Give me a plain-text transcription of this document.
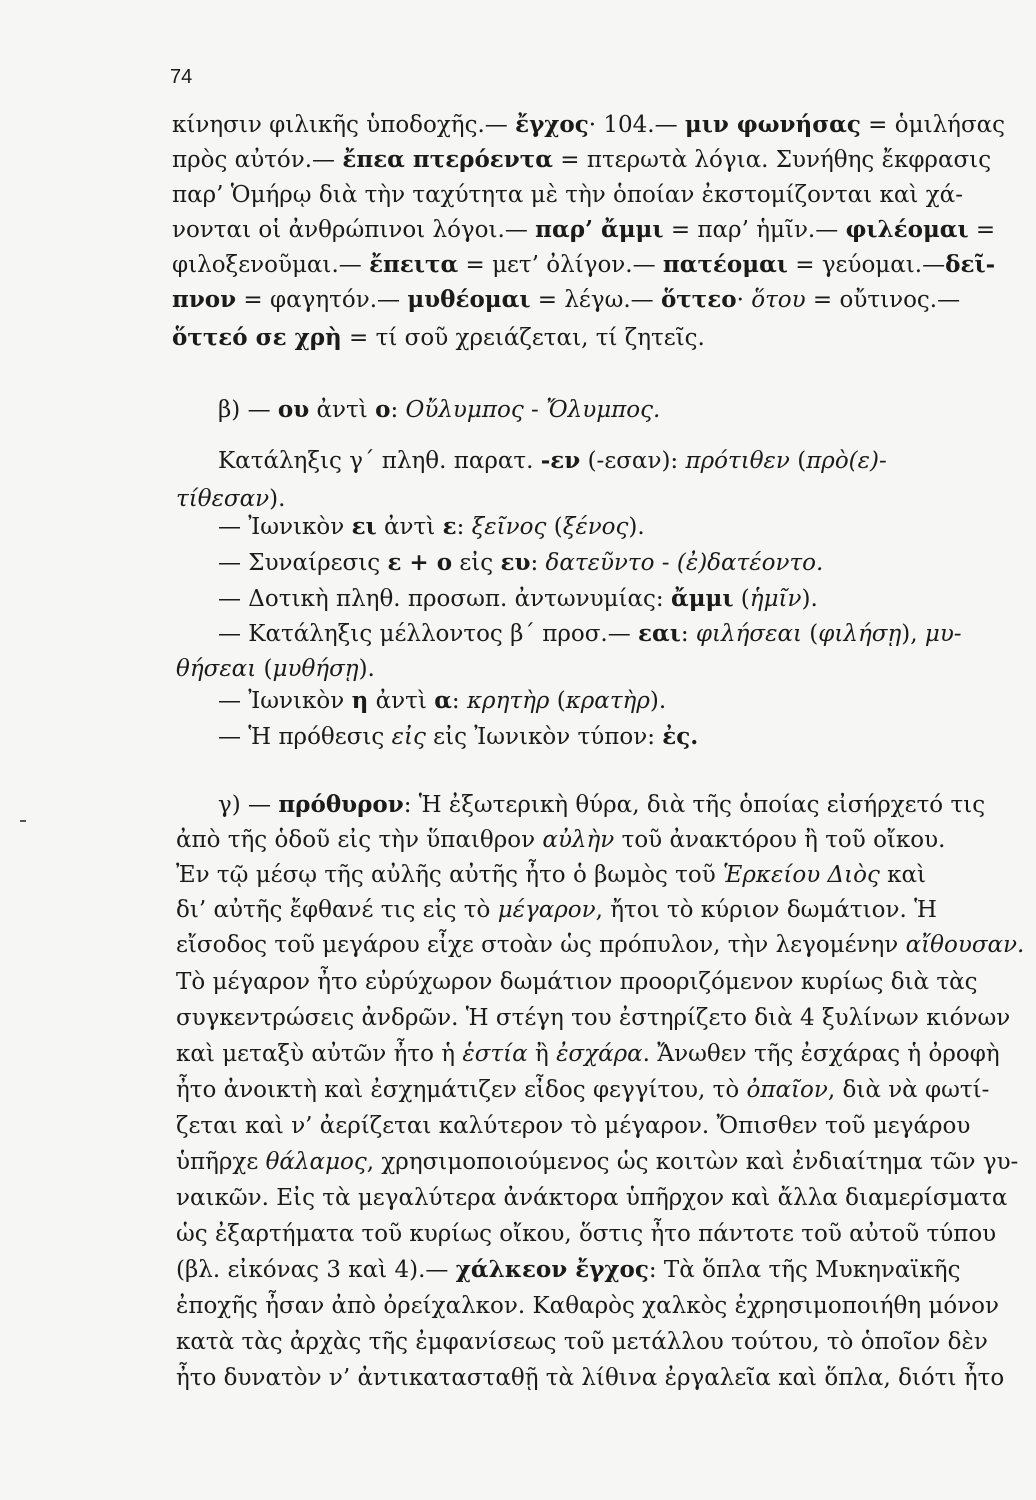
74
κίνησιν φιλικῆς ὑποδοχῆς.— ἔγχος· 104.— μιν φωνήσας = ὁμιλήσας
πρὸς αὐτόν.— ἔπεα πτερόεντα = πτερωτὰ λόγια. Συνήθης ἔκφρασις
παρ’ Ὁμήρῳ διὰ τὴν ταχύτητα μὲ τὴν ὁποίαν ἐκστομίζονται καὶ χά-
νονται οἱ ἀνθρώπινοι λόγοι.— παρ’ ἄμμι = παρ’ ἡμῖν.— φιλέομαι =
φιλοξενοῦμαι.— ἔπειτα = μετ’ ὀλίγον.— πατέομαι = γεύομαι.—δεῖ-
πνον = φαγητόν.— μυθέομαι = λέγω.— ὅττεο· ὅτου = οὔτινος.—
ὅττεό σε χρὴ = τί σοῦ χρειάζεται, τί ζητεῖς.
β) — ου ἀντὶ ο: Οὔλυμπος - Ὄλυμπος.
Κατάληξις γ΄ πληθ. παρατ. -εν (-εσαν): πρότιθεν (πρὸ(ε)-
τίθεσαν).
— Ἰωνικὸν ει ἀντὶ ε: ξεῖνος (ξένος).
— Συναίρεσις ε + ο εἰς ευ: δατεῦντο - (ἐ)δατέοντο.
— Δοτικὴ πληθ. προσωπ. ἀντωνυμίας: ἄμμι (ἡμῖν).
— Κατάληξις μέλλοντος β΄ προσ.— εαι: φιλήσεαι (φιλήσῃ), μυ-
θήσεαι (μυθήσῃ).
— Ἰωνικὸν η ἀντὶ α: κρητὴρ (κρατὴρ).
— Ἡ πρόθεσις εἰς εἰς Ἰωνικὸν τύπον: ἐς.
γ) — πρόθυρον: Ἡ ἐξωτερικὴ θύρα, διὰ τῆς ὁποίας εἰσήρχετό τις
ἀπὸ τῆς ὁδοῦ εἰς τὴν ὕπαιθρον αὐλὴν τοῦ ἀνακτόρου ἢ τοῦ οἴκου.
Ἐν τῷ μέσῳ τῆς αὐλῆς αὐτῆς ἦτο ὁ βωμὸς τοῦ Ἑρκείου Διὸς καὶ
δι’ αὐτῆς ἔφθανέ τις εἰς τὸ μέγαρον, ἤτοι τὸ κύριον δωμάτιον. Ἡ
εἴσοδος τοῦ μεγάρου εἶχε στοὰν ὡς πρόπυλον, τὴν λεγομένην αἴθουσαν.
Τὸ μέγαρον ἦτο εὐρύχωρον δωμάτιον προοριζόμενον κυρίως διὰ τὰς
συγκεντρώσεις ἀνδρῶν. Ἡ στέγη του ἐστηρίζετο διὰ 4 ξυλίνων κιόνων
καὶ μεταξὺ αὐτῶν ἦτο ἡ ἑστία ἢ ἐσχάρα. Ἄνωθεν τῆς ἐσχάρας ἡ ὀροφὴ
ἦτο ἀνοικτὴ καὶ ἐσχημάτιζεν εἶδος φεγγίτου, τὸ ὀπαῖον, διὰ νὰ φωτί-
ζεται καὶ ν’ ἀερίζεται καλύτερον τὸ μέγαρον. Ὄπισθεν τοῦ μεγάρου
ὑπῆρχε θάλαμος, χρησιμοποιούμενος ὡς κοιτὼν καὶ ἐνδιαίτημα τῶν γυ-
ναικῶν. Εἰς τὰ μεγαλύτερα ἀνάκτορα ὑπῆρχον καὶ ἄλλα διαμερίσματα
ὡς ἐξαρτήματα τοῦ κυρίως οἴκου, ὅστις ἦτο πάντοτε τοῦ αὐτοῦ τύπου
(βλ. εἰκόνας 3 καὶ 4).— χάλκεον ἔγχος: Τὰ ὅπλα τῆς Μυκηναϊκῆς
ἐποχῆς ἦσαν ἀπὸ ὀρείχαλκον. Καθαρὸς χαλκὸς ἐχρησιμοποιήθη μόνον
κατὰ τὰς ἀρχὰς τῆς ἐμφανίσεως τοῦ μετάλλου τούτου, τὸ ὁποῖον δὲν
ἦτο δυνατὸν ν’ ἀντικατασταθῇ τὰ λίθινα ἐργαλεῖα καὶ ὅπλα, διότι ἦτο
